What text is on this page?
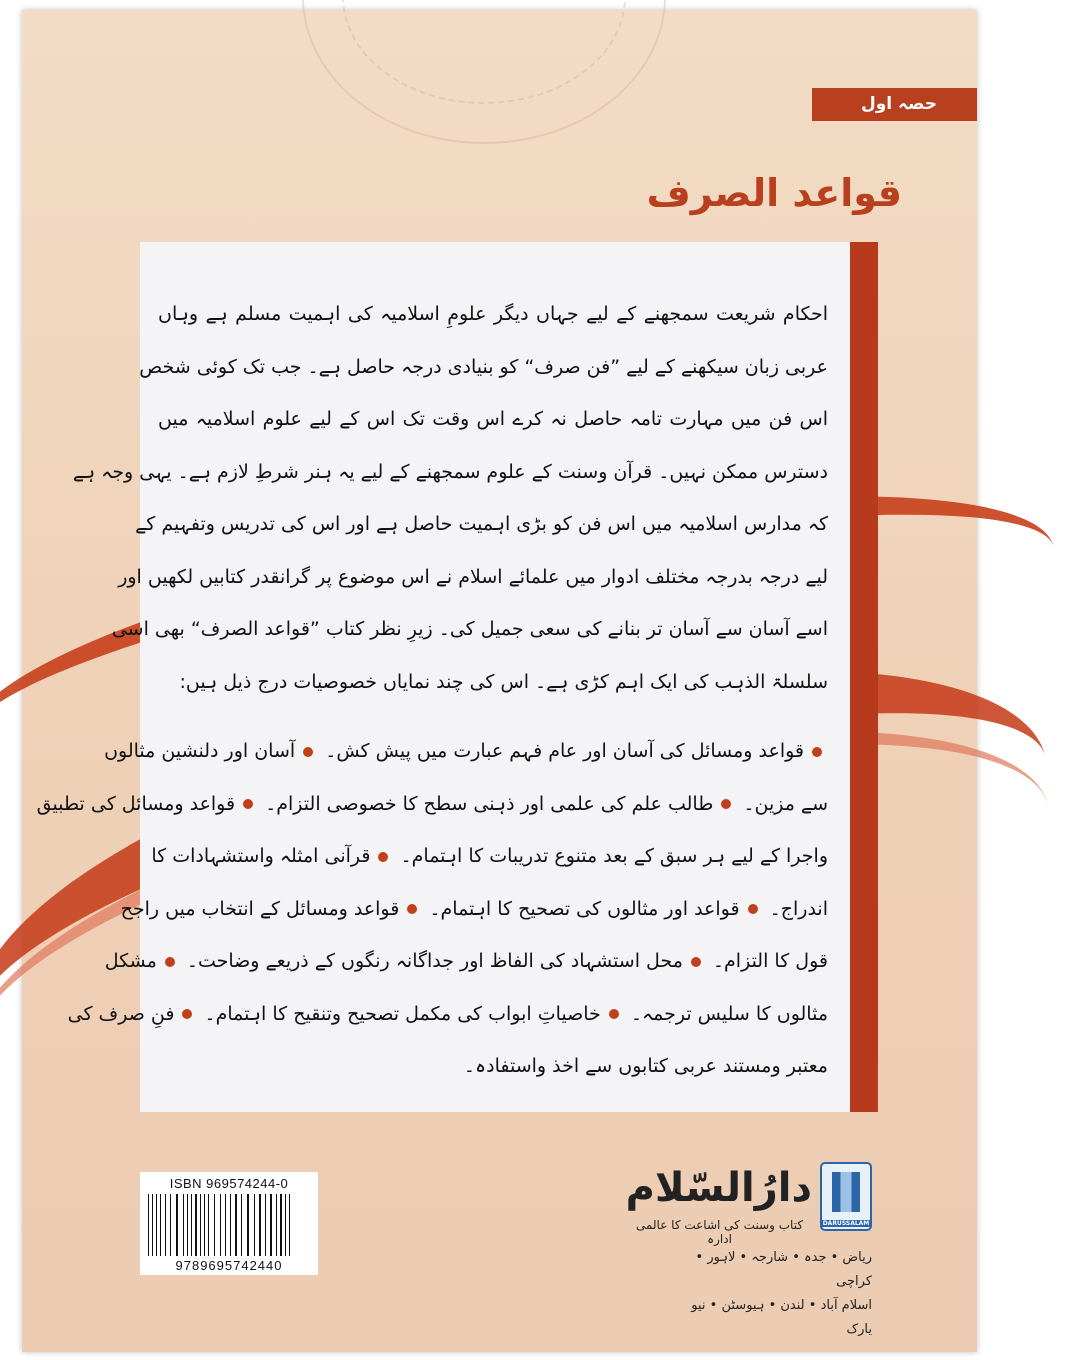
حصہ اول
قواعد الصرف
احکام شریعت سمجھنے کے لیے جہاں دیگر علومِ اسلامیہ کی اہمیت مسلم ہے وہاں
عربی زبان سیکھنے کے لیے ”فن صرف“ کو بنیادی درجہ حاصل ہے۔ جب تک کوئی شخص
اس فن میں مہارت تامہ حاصل نہ کرے اس وقت تک اس کے لیے علوم اسلامیہ میں
دسترس ممکن نہیں۔ قرآن وسنت کے علوم سمجھنے کے لیے یہ ہنر شرطِ لازم ہے۔ یہی وجہ ہے
کہ مدارس اسلامیہ میں اس فن کو بڑی اہمیت حاصل ہے اور اس کی تدریس وتفہیم کے
لیے درجہ بدرجہ مختلف ادوار میں علمائے اسلام نے اس موضوع پر گرانقدر کتابیں لکھیں اور
اسے آسان سے آسان تر بنانے کی سعی جمیل کی۔ زیرِ نظر کتاب ”قواعد الصرف“ بھی اسی
سلسلۃ الذہب کی ایک اہم کڑی ہے۔ اس کی چند نمایاں خصوصیات درج ذیل ہیں:
قواعد ومسائل کی آسان اور عام فہم عبارت میں پیش کش۔ آسان اور دلنشین مثالوں
سے مزین۔ طالب علم کی علمی اور ذہنی سطح کا خصوصی التزام۔ قواعد ومسائل کی تطبیق
واجرا کے لیے ہر سبق کے بعد متنوع تدریبات کا اہتمام۔ قرآنی امثلہ واستشہادات کا
اندراج۔ قواعد اور مثالوں کی تصحیح کا اہتمام۔ قواعد ومسائل کے انتخاب میں راجح
قول کا التزام۔ محل استشہاد کی الفاظ اور جداگانہ رنگوں کے ذریعے وضاحت۔ مشکل
مثالوں کا سلیس ترجمہ۔ خاصیاتِ ابواب کی مکمل تصحیح وتنقیح کا اہتمام۔ فنِ صرف کی
معتبر ومستند عربی کتابوں سے اخذ واستفادہ۔
ISBN 969574244-0
9789695742440
دارُالسّلام
کتاب وسنت کی اشاعت کا عالمی ادارہ
DARUSSALAM
ریاض • جدہ • شارجہ • لاہور • کراچی
اسلام آباد • لندن • ہیوسٹن • نیو یارک
